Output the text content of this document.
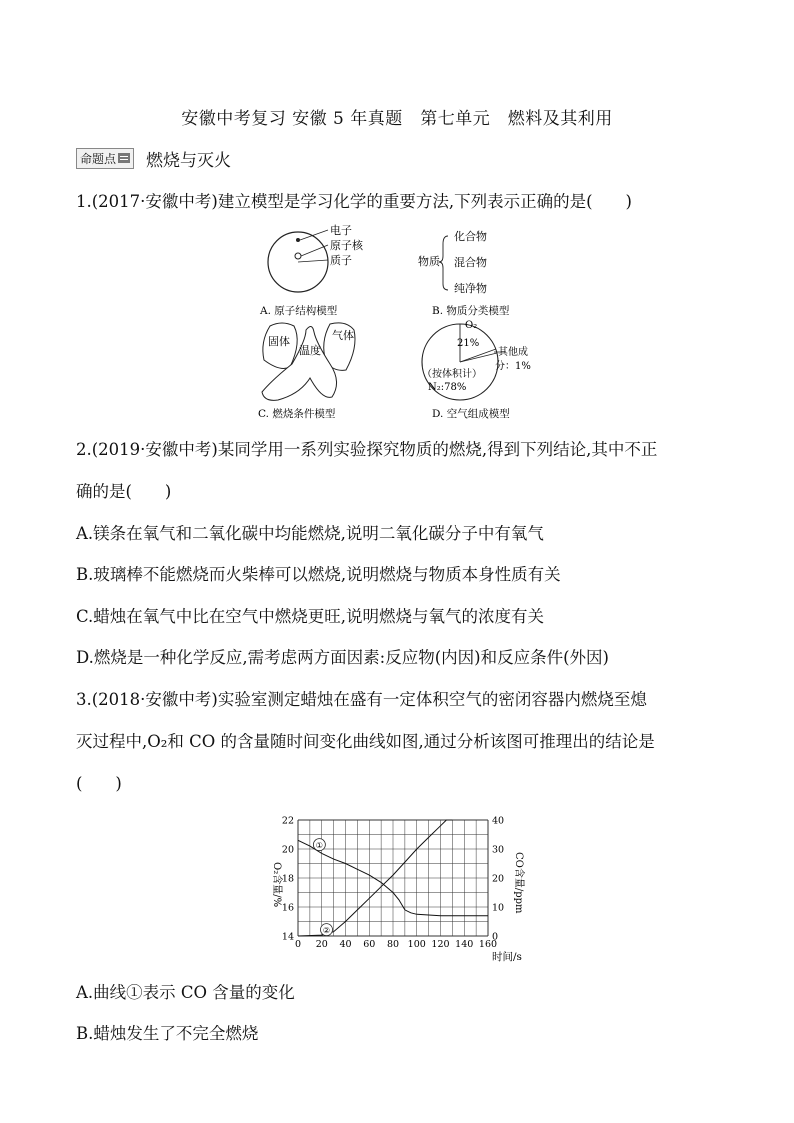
安徽中考复习 安徽 5 年真题　第七单元　燃料及其利用
命题点	燃烧与灭火
1.(2017·安徽中考)建立模型是学习化学的重要方法,下列表示正确的是(　　)
电子
原子核
质子
A. 原子结构模型
物质
化合物
混合物
纯净物
B. 物质分类模型
固体	气体
温度
C. 燃烧条件模型
O₂
21%
其他成
分：1%
（按体积计）
N₂:78%
D. 空气组成模型
2.(2019·安徽中考)某同学用一系列实验探究物质的燃烧,得到下列结论,其中不正
确的是(　　)
A.镁条在氧气和二氧化碳中均能燃烧,说明二氧化碳分子中有氧气
B.玻璃棒不能燃烧而火柴棒可以燃烧,说明燃烧与物质本身性质有关
C.蜡烛在氧气中比在空气中燃烧更旺,说明燃烧与氧气的浓度有关
D.燃烧是一种化学反应,需考虑两方面因素:反应物(内因)和反应条件(外因)
3.(2018·安徽中考)实验室测定蜡烛在盛有一定体积空气的密闭容器内燃烧至熄
灭过程中,O₂和 CO 的含量随时间变化曲线如图,通过分析该图可推理出的结论是
(　　)
0 20 40 60 80 100 120 140 160
14
16
18
20
22
0
10
20
30
40
O₂含量/%	CO含量/ppm
时间/s
①
②
A.曲线①表示 CO 含量的变化
B.蜡烛发生了不完全燃烧
